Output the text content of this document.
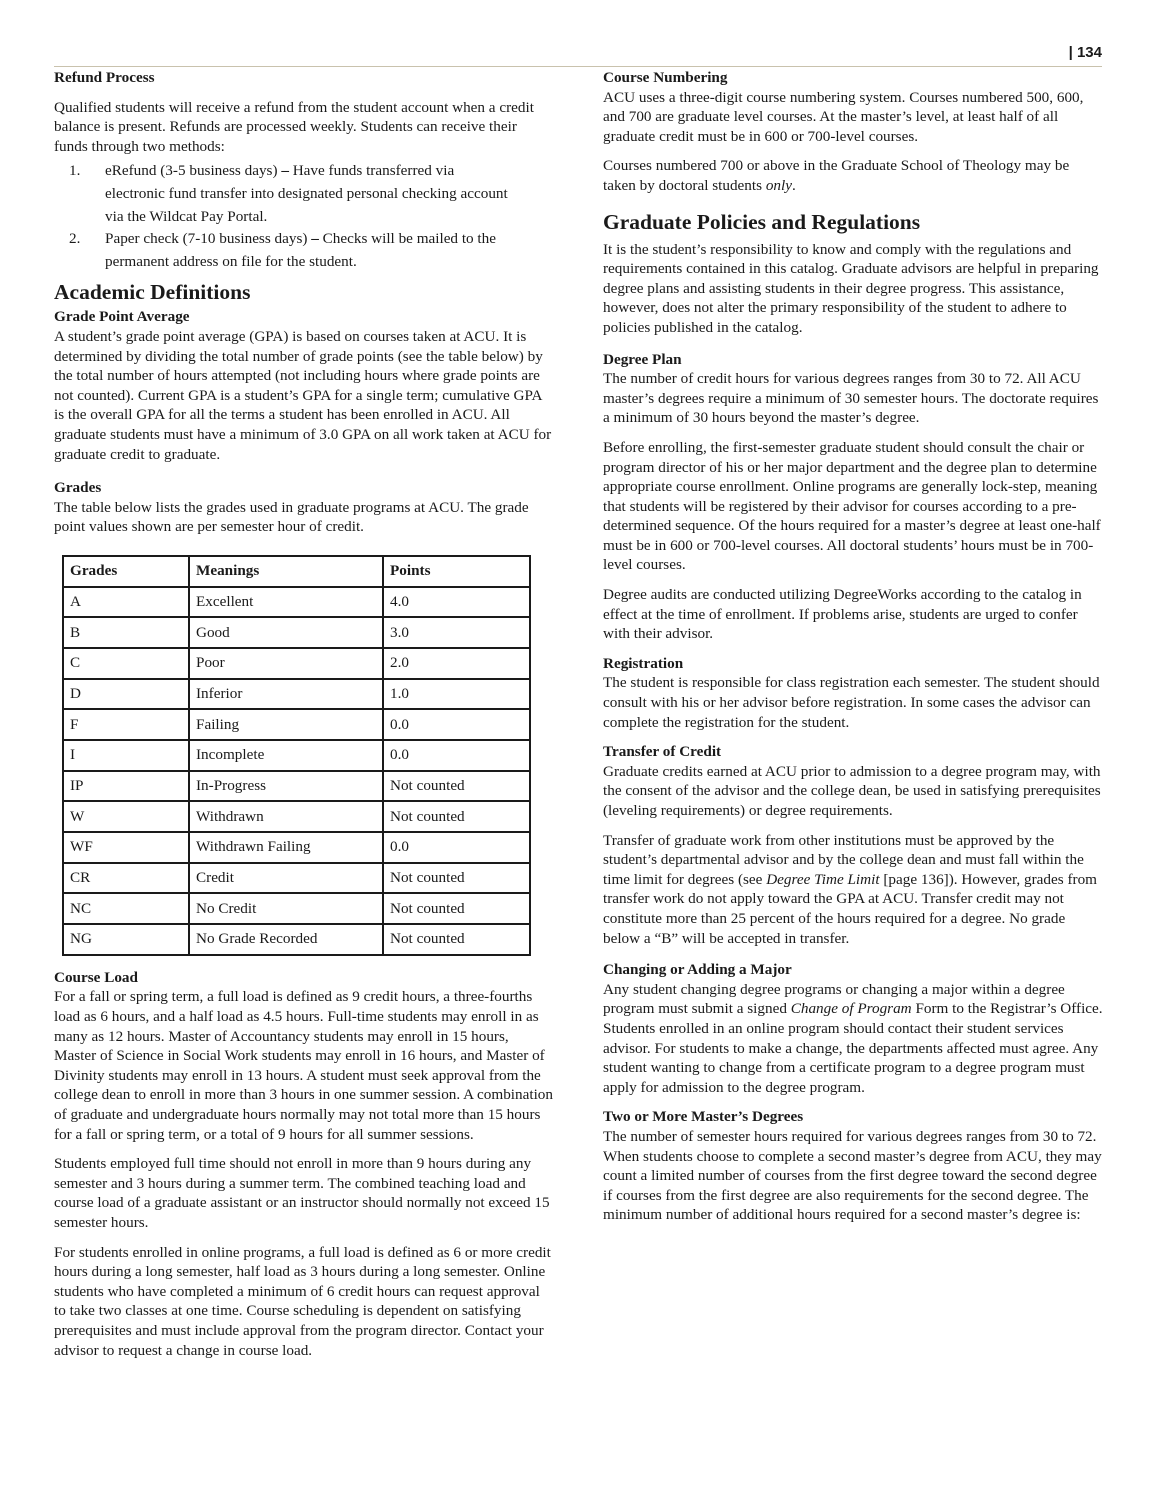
| 134
Refund Process

Qualified students will receive a refund from the student account when a credit balance is present. Refunds are processed weekly. Students can receive their funds through two methods:

1.	eRefund (3-5 business days) – Have funds transferred via electronic fund transfer into designated personal checking account via the Wildcat Pay Portal.
2.	Paper check (7-10 business days) – Checks will be mailed to the permanent address on file for the student.
Academic Definitions
Grade Point Average

A student’s grade point average (GPA) is based on courses taken at ACU. It is determined by dividing the total number of grade points (see the table below) by the total number of hours attempted (not including hours where grade points are not counted). Current GPA is a student’s GPA for a single term; cumulative GPA is the overall GPA for all the terms a student has been enrolled in ACU. All graduate students must have a minimum of 3.0 GPA on all work taken at ACU for graduate credit to graduate.

Grades

The table below lists the grades used in graduate programs at ACU. The grade point values shown are per semester hour of credit.

Grades	Meanings	Points
A	Excellent	4.0
B	Good	3.0
C	Poor	2.0
D	Inferior	1.0
F	Failing	0.0
I	Incomplete	0.0
IP	In-Progress	Not counted
W	Withdrawn	Not counted
WF	Withdrawn Failing	0.0
CR	Credit	Not counted
NC	No Credit	Not counted
NG	No Grade Recorded	Not counted
Course Load

For a fall or spring term, a full load is defined as 9 credit hours, a three-fourths load as 6 hours, and a half load as 4.5 hours. Full-time students may enroll in as many as 12 hours. Master of Accountancy students may enroll in 15 hours, Master of Science in Social Work students may enroll in 16 hours, and Master of Divinity students may enroll in 13 hours. A student must seek approval from the college dean to enroll in more than 3 hours in one summer session. A combination of graduate and undergraduate hours normally may not total more than 15 hours for a fall or spring term, or a total of 9 hours for all summer sessions.

Students employed full time should not enroll in more than 9 hours during any semester and 3 hours during a summer term. The combined teaching load and course load of a graduate assistant or an instructor should normally not exceed 15 semester hours.

For students enrolled in online programs, a full load is defined as 6 or more credit hours during a long semester, half load as 3 hours during a long semester. Online students who have completed a minimum of 6 credit hours can request approval to take two classes at one time. Course scheduling is dependent on satisfying prerequisites and must include approval from the program director. Contact your advisor to request a change in course load.

Course Numbering

ACU uses a three-digit course numbering system. Courses numbered 500, 600, and 700 are graduate level courses. At the master’s level, at least half of all graduate credit must be in 600 or 700-level courses.

Courses numbered 700 or above in the Graduate School of Theology may be taken by doctoral students only.

Graduate Policies and Regulations

It is the student’s responsibility to know and comply with the regulations and requirements contained in this catalog. Graduate advisors are helpful in preparing degree plans and assisting students in their degree progress. This assistance, however, does not alter the primary responsibility of the student to adhere to policies published in the catalog.

Degree Plan

The number of credit hours for various degrees ranges from 30 to 72. All ACU master’s degrees require a minimum of 30 semester hours. The doctorate requires a minimum of 30 hours beyond the master’s degree.

Before enrolling, the first-semester graduate student should consult the chair or program director of his or her major department and the degree plan to determine appropriate course enrollment. Online programs are generally lock-step, meaning that students will be registered by their advisor for courses according to a pre-determined sequence. Of the hours required for a master’s degree at least one-half must be in 600 or 700-level courses. All doctoral students’ hours must be in 700-level courses.

Degree audits are conducted utilizing DegreeWorks according to the catalog in effect at the time of enrollment. If problems arise, students are urged to confer with their advisor.

Registration

The student is responsible for class registration each semester. The student should consult with his or her advisor before registration. In some cases the advisor can complete the registration for the student.

Transfer of Credit

Graduate credits earned at ACU prior to admission to a degree program may, with the consent of the advisor and the college dean, be used in satisfying prerequisites (leveling requirements) or degree requirements.

Transfer of graduate work from other institutions must be approved by the student’s departmental advisor and by the college dean and must fall within the time limit for degrees (see Degree Time Limit [page 136]). However, grades from transfer work do not apply toward the GPA at ACU. Transfer credit may not constitute more than 25 percent of the hours required for a degree. No grade below a “B” will be accepted in transfer.

Changing or Adding a Major

Any student changing degree programs or changing a major within a degree program must submit a signed Change of Program Form to the Registrar’s Office. Students enrolled in an online program should contact their student services advisor. For students to make a change, the departments affected must agree. Any student wanting to change from a certificate program to a degree program must apply for admission to the degree program.

Two or More Master’s Degrees

The number of semester hours required for various degrees ranges from 30 to 72. When students choose to complete a second master’s degree from ACU, they may count a limited number of courses from the first degree toward the second degree if courses from the first degree are also requirements for the second degree. The minimum number of additional hours required for a second master’s degree is:
